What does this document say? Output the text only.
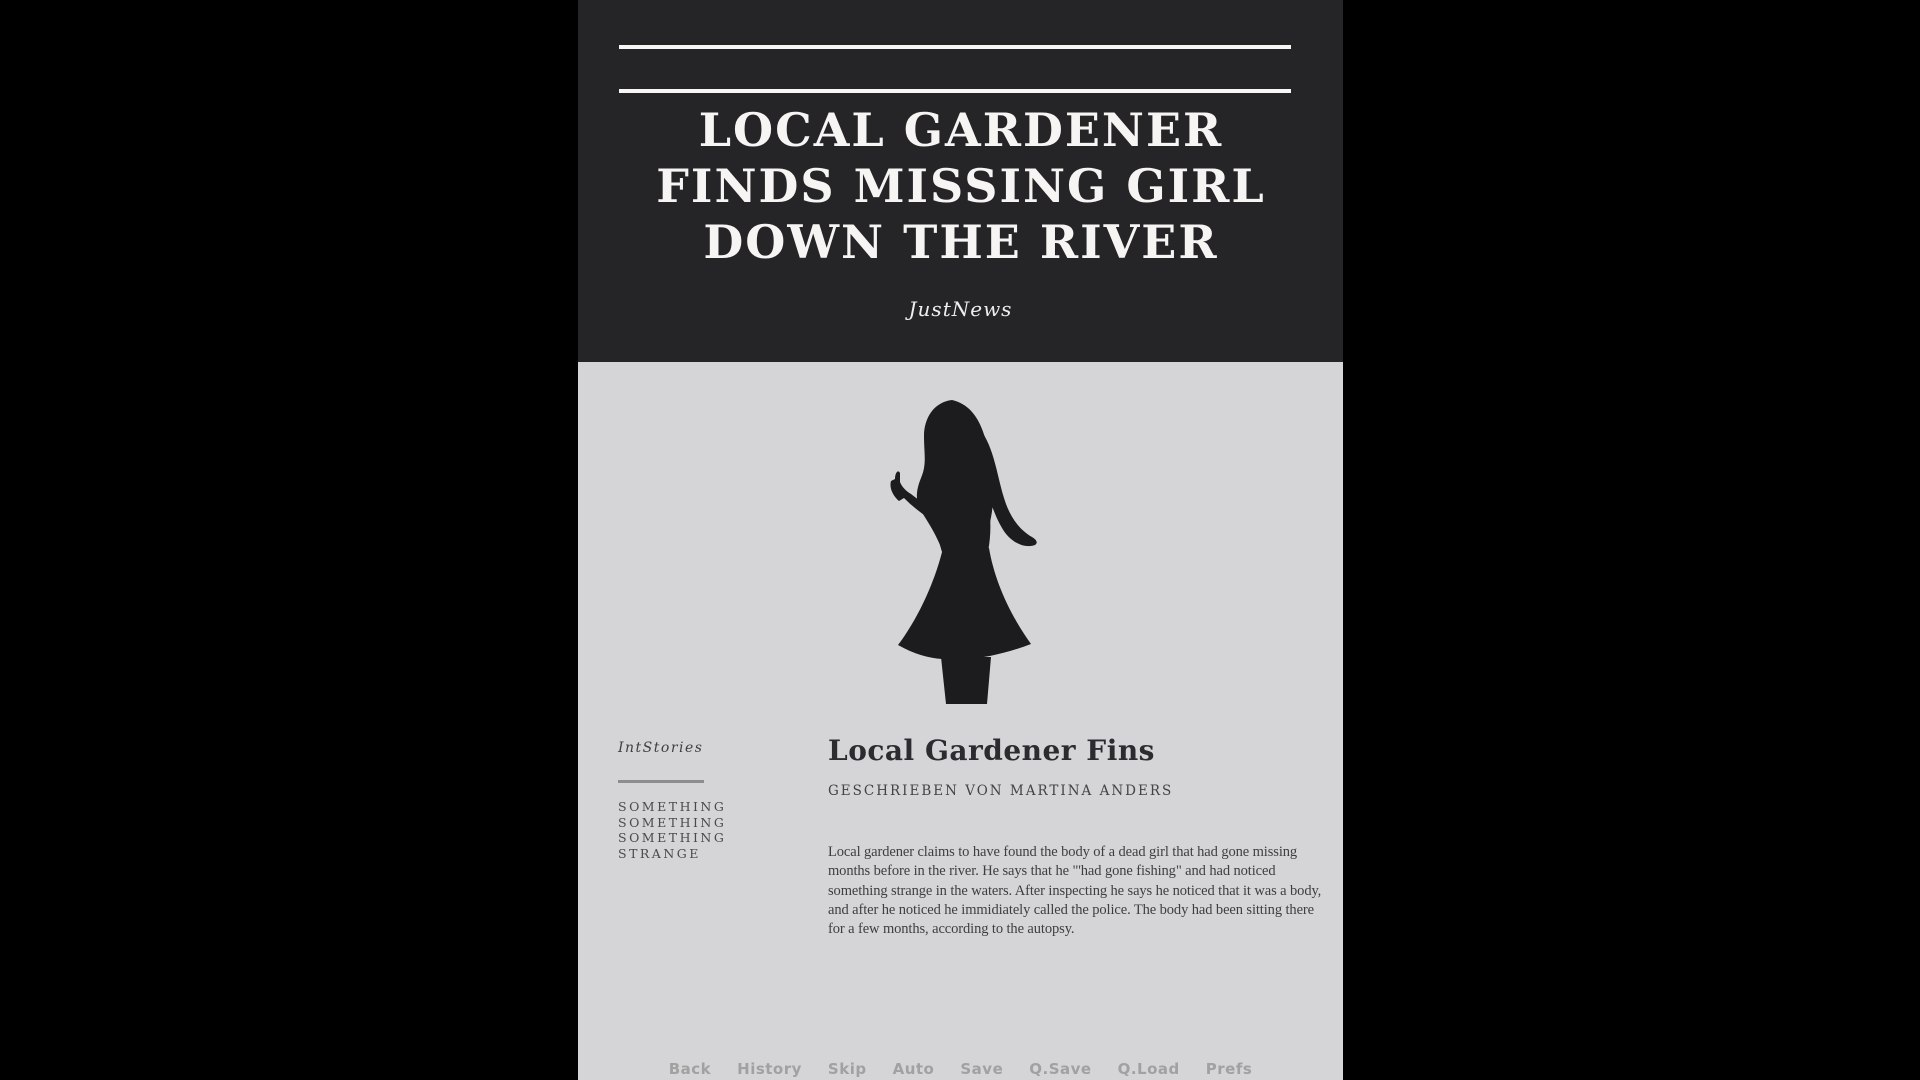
LOCAL GARDENER FINDS MISSING GIRL DOWN THE RIVER
JustNews
IntStories
SOMETHING
SOMETHING
SOMETHING
STRANGE
Local Gardener Fins
GESCHRIEBEN VON MARTINA ANDERS

Local gardener claims to have found the body of a dead girl that had gone missing months before in the river. He says that he "'had gone fishing" and had noticed something strange in the waters. After inspecting he says he noticed that it was a body, and after he noticed he immidiately called the police. The body had been sitting there for a few months, according to the autopsy.

Back History Skip Auto Save Q.Save Q.Load Prefs
